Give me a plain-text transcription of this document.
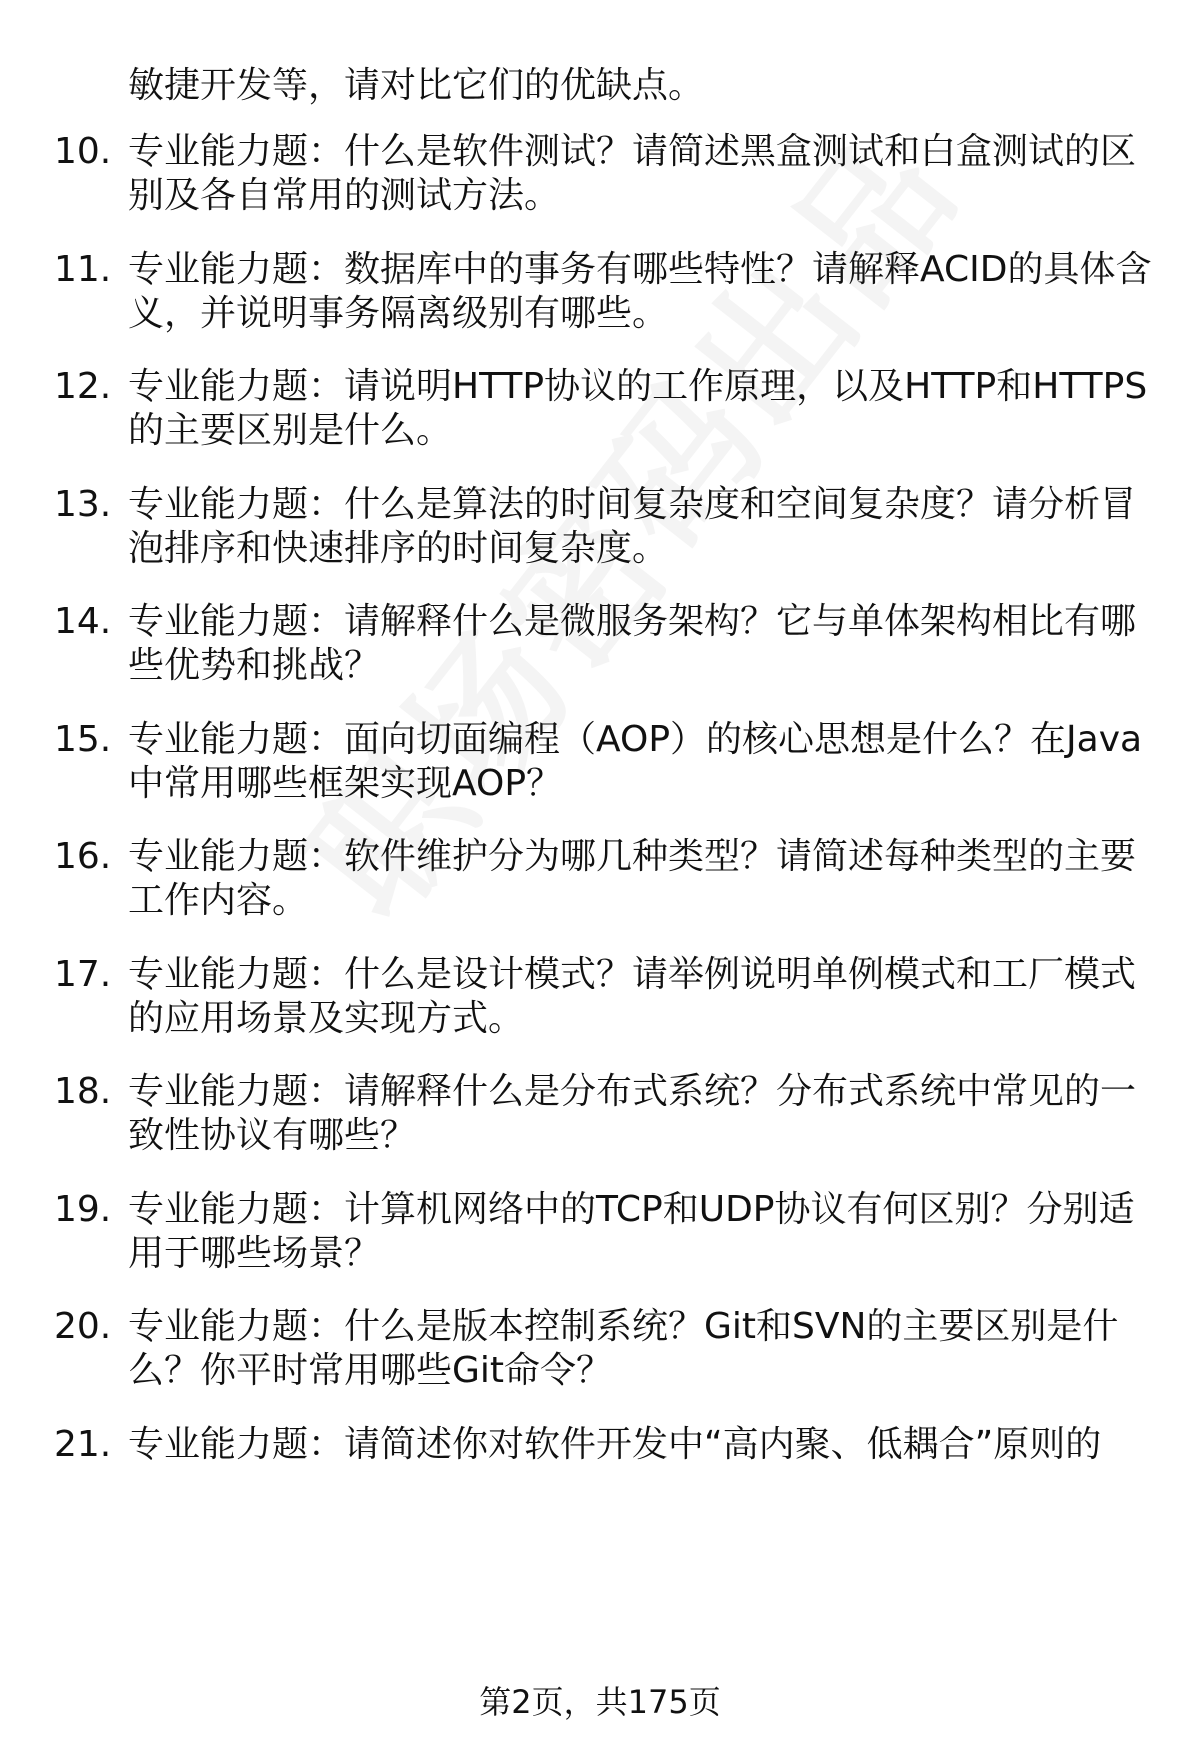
敏捷开发等，请对比它们的优缺点。
10. 专业能力题：什么是软件测试？请简述黑盒测试和白盒测试的区
别及各自常用的测试方法。
11. 专业能力题：数据库中的事务有哪些特性？请解释ACID的具体含
义，并说明事务隔离级别有哪些。
12. 专业能力题：请说明HTTP协议的工作原理，以及HTTP和HTTPS
的主要区别是什么。
13. 专业能力题：什么是算法的时间复杂度和空间复杂度？请分析冒
泡排序和快速排序的时间复杂度。
14. 专业能力题：请解释什么是微服务架构？它与单体架构相比有哪
些优势和挑战？
15. 专业能力题：面向切面编程（AOP）的核心思想是什么？在Java
中常用哪些框架实现AOP？
16. 专业能力题：软件维护分为哪几种类型？请简述每种类型的主要
工作内容。
17. 专业能力题：什么是设计模式？请举例说明单例模式和工厂模式
的应用场景及实现方式。
18. 专业能力题：请解释什么是分布式系统？分布式系统中常见的一
致性协议有哪些？
19. 专业能力题：计算机网络中的TCP和UDP协议有何区别？分别适
用于哪些场景？
20. 专业能力题：什么是版本控制系统？Git和SVN的主要区别是什
么？你平时常用哪些Git命令？
21. 专业能力题：请简述你对软件开发中“高内聚、低耦合”原则的
第2页，共175页
